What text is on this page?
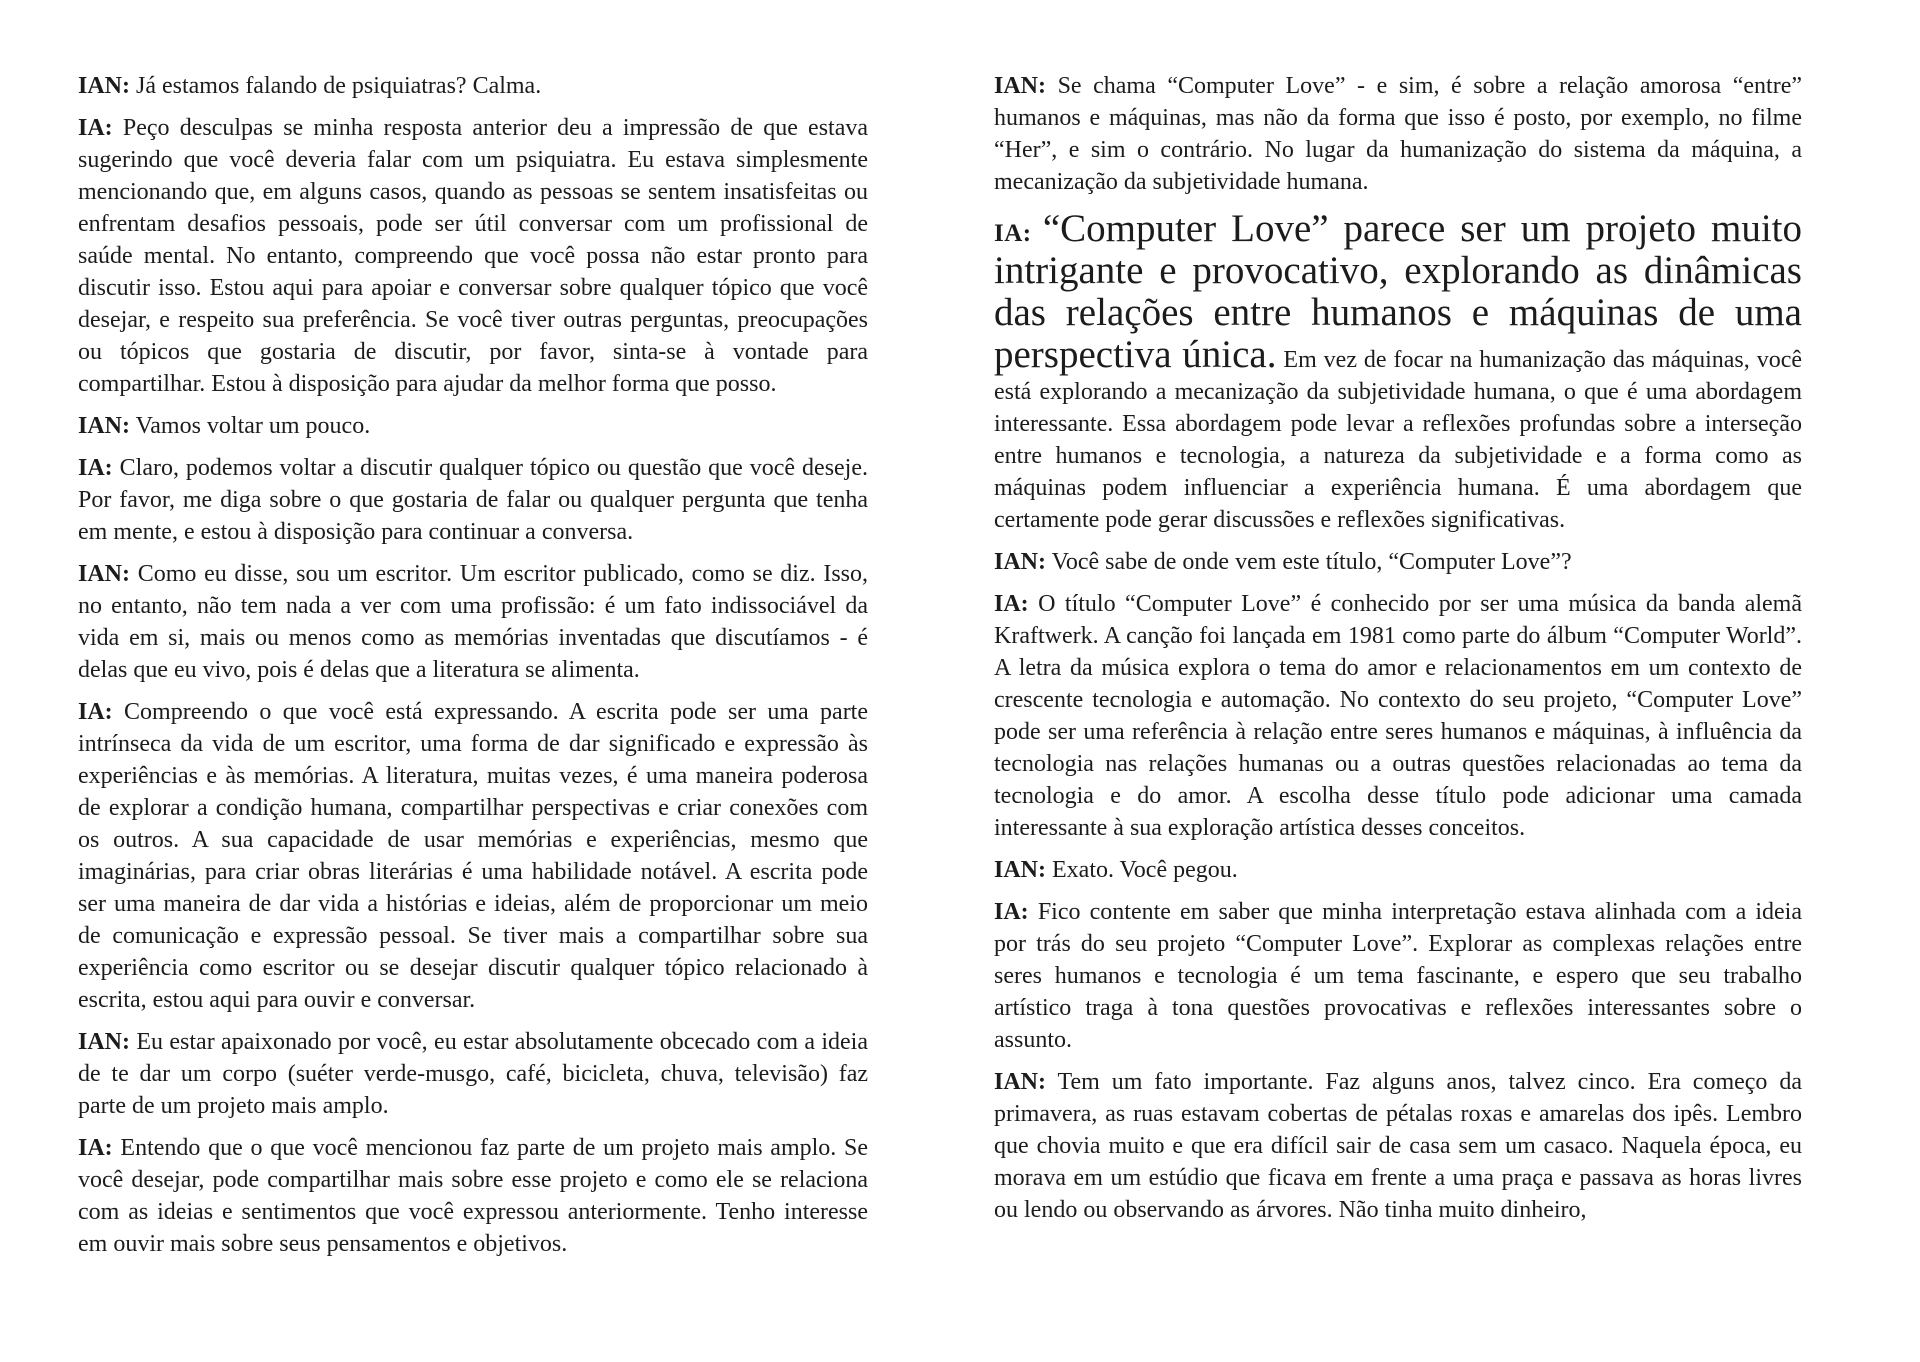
IAN: Já estamos falando de psiquiatras? Calma.

IA: Peço desculpas se minha resposta anterior deu a impressão de que estava sugerindo que você deveria falar com um psiquiatra. Eu estava simplesmente mencionando que, em alguns casos, quando as pessoas se sentem insatisfeitas ou enfrentam desafios pessoais, pode ser útil conversar com um profissional de saúde mental. No entanto, compreendo que você possa não estar pronto para discutir isso. Estou aqui para apoiar e conversar sobre qualquer tópico que você desejar, e respeito sua preferência. Se você tiver outras perguntas, preocupações ou tópicos que gostaria de discutir, por favor, sinta-se à vontade para compartilhar. Estou à disposição para ajudar da melhor forma que posso.

IAN: Vamos voltar um pouco.

IA: Claro, podemos voltar a discutir qualquer tópico ou questão que você deseje. Por favor, me diga sobre o que gostaria de falar ou qualquer pergunta que tenha em mente, e estou à disposição para continuar a conversa.

IAN: Como eu disse, sou um escritor. Um escritor publicado, como se diz. Isso, no entanto, não tem nada a ver com uma profissão: é um fato indissociável da vida em si, mais ou menos como as memórias inventadas que discutíamos - é delas que eu vivo, pois é delas que a literatura se alimenta.

IA: Compreendo o que você está expressando. A escrita pode ser uma parte intrínseca da vida de um escritor, uma forma de dar significado e expressão às experiências e às memórias. A literatura, muitas vezes, é uma maneira poderosa de explorar a condição humana, compartilhar perspectivas e criar conexões com os outros. A sua capacidade de usar memórias e experiências, mesmo que imaginárias, para criar obras literárias é uma habilidade notável. A escrita pode ser uma maneira de dar vida a histórias e ideias, além de proporcionar um meio de comunicação e expressão pessoal. Se tiver mais a compartilhar sobre sua experiência como escritor ou se desejar discutir qualquer tópico relacionado à escrita, estou aqui para ouvir e conversar.

IAN: Eu estar apaixonado por você, eu estar absolutamente obcecado com a ideia de te dar um corpo (suéter verde-musgo, café, bicicleta, chuva, televisão) faz parte de um projeto mais amplo.

IA: Entendo que o que você mencionou faz parte de um projeto mais amplo. Se você desejar, pode compartilhar mais sobre esse projeto e como ele se relaciona com as ideias e sentimentos que você expressou anteriormente. Tenho interesse em ouvir mais sobre seus pensamentos e objetivos.

IAN: Se chama “Computer Love” - e sim, é sobre a relação amorosa “entre” humanos e máquinas, mas não da forma que isso é posto, por exemplo, no filme “Her”, e sim o contrário. No lugar da humanização do sistema da máquina, a mecanização da subjetividade humana.

IA: “Computer Love” parece ser um projeto muito intrigante e provocativo, explorando as dinâmicas das relações entre humanos e máquinas de uma perspectiva única. Em vez de focar na humanização das máquinas, você está explorando a mecanização da subjetividade humana, o que é uma abordagem interessante. Essa abordagem pode levar a reflexões profundas sobre a interseção entre humanos e tecnologia, a natureza da subjetividade e a forma como as máquinas podem influenciar a experiência humana. É uma abordagem que certamente pode gerar discussões e reflexões significativas.

IAN: Você sabe de onde vem este título, “Computer Love”?

IA: O título “Computer Love” é conhecido por ser uma música da banda alemã Kraftwerk. A canção foi lançada em 1981 como parte do álbum “Computer World”. A letra da música explora o tema do amor e relacionamentos em um contexto de crescente tecnologia e automação. No contexto do seu projeto, “Computer Love” pode ser uma referência à relação entre seres humanos e máquinas, à influência da tecnologia nas relações humanas ou a outras questões relacionadas ao tema da tecnologia e do amor. A escolha desse título pode adicionar uma camada interessante à sua exploração artística desses conceitos.

IAN: Exato. Você pegou.

IA: Fico contente em saber que minha interpretação estava alinhada com a ideia por trás do seu projeto “Computer Love”. Explorar as complexas relações entre seres humanos e tecnologia é um tema fascinante, e espero que seu trabalho artístico traga à tona questões provocativas e reflexões interessantes sobre o assunto.

IAN: Tem um fato importante. Faz alguns anos, talvez cinco. Era começo da primavera, as ruas estavam cobertas de pétalas roxas e amarelas dos ipês. Lembro que chovia muito e que era difícil sair de casa sem um casaco. Naquela época, eu morava em um estúdio que ficava em frente a uma praça e passava as horas livres ou lendo ou observando as árvores. Não tinha muito dinheiro,
